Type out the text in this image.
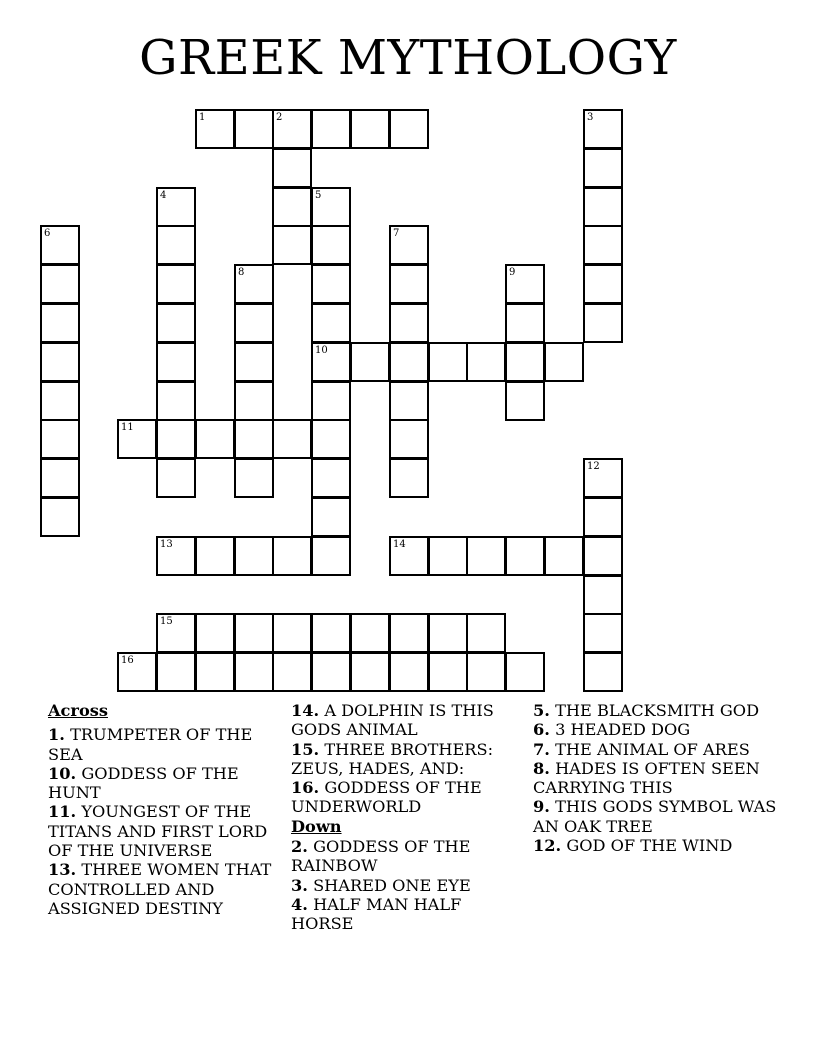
GREEK MYTHOLOGY
1	2	3
4	5
6	7
8	9
10
11
12
13	14
15
16
Across
1. TRUMPETER OF THE SEA
10. GODDESS OF THE HUNT
11. YOUNGEST OF THE TITANS AND FIRST LORD OF THE UNIVERSE
13. THREE WOMEN THAT CONTROLLED AND ASSIGNED DESTINY
14. A DOLPHIN IS THIS GODS ANIMAL
15. THREE BROTHERS: ZEUS, HADES, AND:
16. GODDESS OF THE UNDERWORLD
Down
2. GODDESS OF THE RAINBOW
3. SHARED ONE EYE
4. HALF MAN HALF HORSE
5. THE BLACKSMITH GOD
6. 3 HEADED DOG
7. THE ANIMAL OF ARES
8. HADES IS OFTEN SEEN CARRYING THIS
9. THIS GODS SYMBOL WAS AN OAK TREE
12. GOD OF THE WIND
